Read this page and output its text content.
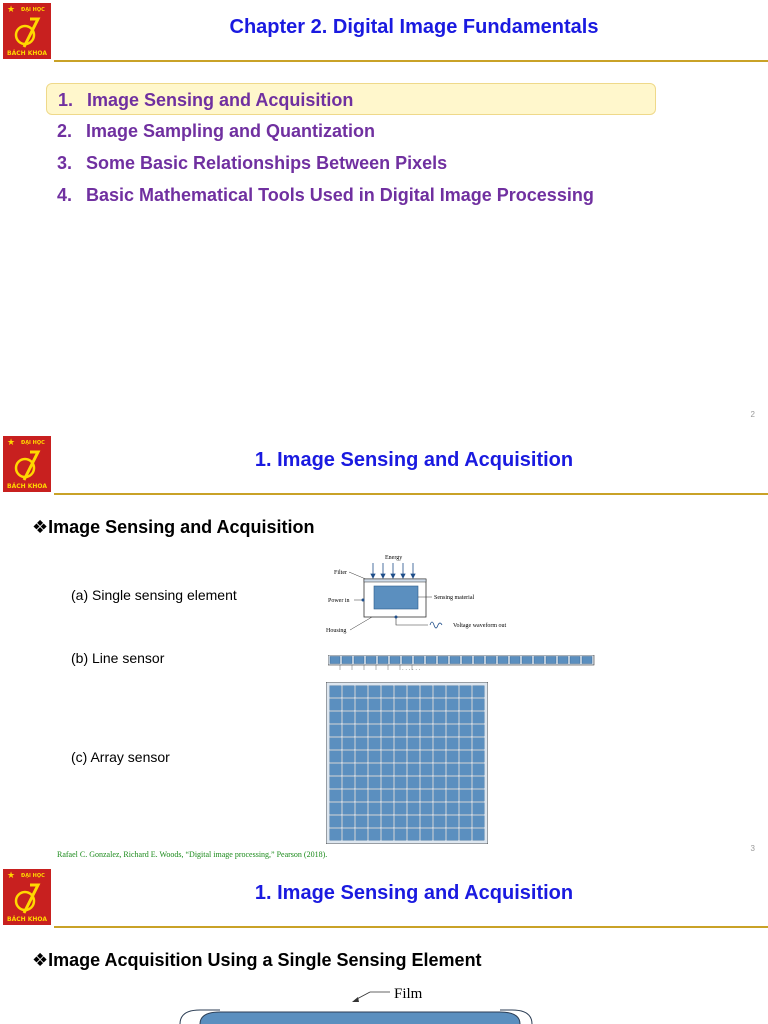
★ ĐẠI HỌC
BÁCH KHOA
Chapter 2. Digital Image Fundamentals
1. Image Sensing and Acquisition
2. Image Sampling and Quantization
3. Some Basic Relationships Between Pixels
4. Basic Mathematical Tools Used in Digital Image Processing
2
★ ĐẠI HỌC
BÁCH KHOA
1. Image Sensing and Acquisition
❖Image Sensing and Acquisition
(a) Single sensing element
(b) Line sensor
(c) Array sensor
Energy
Filter
Sensing material
Power in
Housing
Voltage waveform out
. . . . . .
Rafael C. Gonzalez, Richard E. Woods, “Digital image processing,” Pearson (2018).
3
★ ĐẠI HỌC
BÁCH KHOA
1. Image Sensing and Acquisition
❖Image Acquisition Using a Single Sensing Element
Film
